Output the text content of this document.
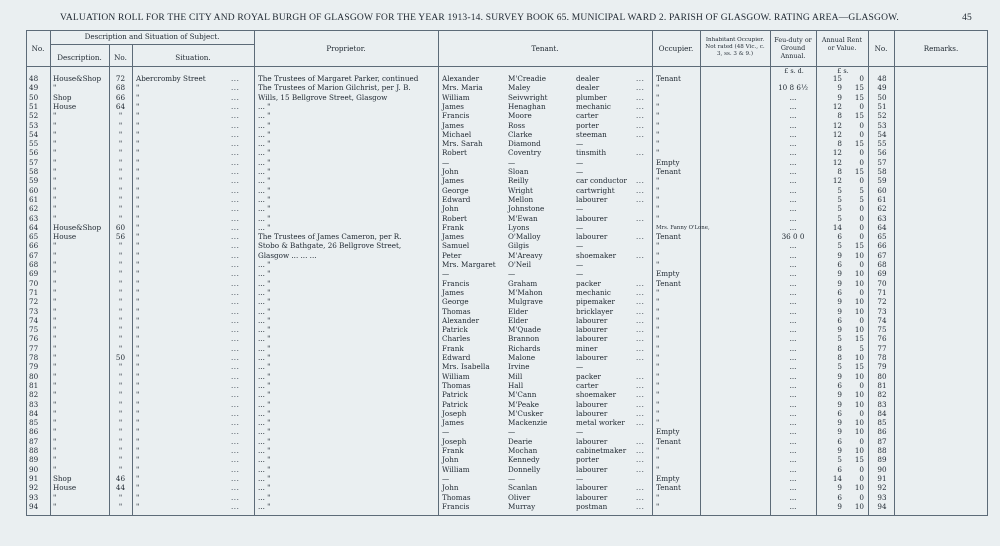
VALUATION ROLL FOR THE CITY AND ROYAL BURGH OF GLASGOW FOR THE YEAR 1913-14. SURVEY BOOK 65. MUNICIPAL WARD 2. PARISH OF GLASGOW. RATING AREA—GLASGOW.	45
No.
Description and Situation of Subject.
Description.	No.	Situation.
Proprietor.	Tenant.	Occupier.
Inhabitant Occupier. Not rated (48 Vic., c. 3, ss. 3 & 9.)
Feu-duty or Ground Annual.
Annual Rent or Value.	No.	Remarks.
£ s. d.	£ s.
48	House&Shop	72	Abercromby Street	...	The Trustees of Margaret Parker, continued	Alexander	M'Creadie	dealer	...	Tenant	15	0	48
49	"	68	"	...	The Trustees of Marion Gilchrist, per J. B.	Mrs. Maria	Maley	dealer	...	"	10 8 6½	9	15	49
50	Shop	66	"	...	Wills, 15 Bellgrove Street, Glasgow	William	Seivwright	plumber	...	"	...	9	15	50
51	House	64	"	...	... "	James	Henaghan	mechanic	...	"	...	12	0	51
52	"	"	"	...	... "	Francis	Moore	carter	...	"	...	8	15	52
53	"	"	"	...	... "	James	Ross	porter	...	"	...	12	0	53
54	"	"	"	...	... "	Michael	Clarke	steeman	...	"	...	12	0	54
55	"	"	"	...	... "	Mrs. Sarah	Diamond	—	"	...	8	15	55
56	"	"	"	...	... "	Robert	Coventry	tinsmith	...	"	...	12	0	56
57	"	"	"	...	... "	—	—	—	Empty	...	12	0	57
58	"	"	"	...	... "	John	Sloan	—	Tenant	...	8	15	58
59	"	"	"	...	... "	James	Reilly	car conductor	...	"	...	12	0	59
60	"	"	"	...	... "	George	Wright	cartwright	...	"	...	5	5	60
61	"	"	"	...	... "	Edward	Mellon	labourer	...	"	...	5	5	61
62	"	"	"	...	... "	John	Johnstone	—	"	...	5	0	62
63	"	"	"	...	... "	Robert	M'Ewan	labourer	...	"	...	5	0	63
64	House&Shop	60	"	...	... "	Frank	Lyons	—	Mrs. Fanny O'Lone,	...	14	0	64
65	House	56	"	...	The Trustees of James Cameron, per R.	James	O'Malloy	labourer	...	Tenant	36 0 0	6	0	65
66	"	"	"	...	Stobo & Bathgate, 26 Bellgrove Street,	Samuel	Gilgis	—	"	...	5	15	66
67	"	"	"	...	Glasgow ... ... ...	Peter	M'Areavy	shoemaker	...	"	...	9	10	67
68	"	"	"	...	... "	Mrs. Margaret	O'Neil	—	"	...	6	0	68
69	"	"	"	...	... "	—	—	—	Empty	...	9	10	69
70	"	"	"	...	... "	Francis	Graham	packer	...	Tenant	...	9	10	70
71	"	"	"	...	... "	James	M'Mahon	mechanic	...	"	...	6	0	71
72	"	"	"	...	... "	George	Mulgrave	pipemaker	...	"	...	9	10	72
73	"	"	"	...	... "	Thomas	Elder	bricklayer	...	"	...	9	10	73
74	"	"	"	...	... "	Alexander	Elder	labourer	...	"	...	6	0	74
75	"	"	"	...	... "	Patrick	M'Quade	labourer	...	"	...	9	10	75
76	"	"	"	...	... "	Charles	Brannon	labourer	...	"	...	5	15	76
77	"	"	"	...	... "	Frank	Richards	miner	...	"	...	8	5	77
78	"	50	"	...	... "	Edward	Malone	labourer	...	"	...	8	10	78
79	"	"	"	...	... "	Mrs. Isabella	Irvine	—	"	...	5	15	79
80	"	"	"	...	... "	William	Mill	packer	...	"	...	9	10	80
81	"	"	"	...	... "	Thomas	Hall	carter	...	"	...	6	0	81
82	"	"	"	...	... "	Patrick	M'Cann	shoemaker	...	"	...	9	10	82
83	"	"	"	...	... "	Patrick	M'Peake	labourer	...	"	...	9	10	83
84	"	"	"	...	... "	Joseph	M'Cusker	labourer	...	"	...	6	0	84
85	"	"	"	...	... "	James	Mackenzie	metal worker	...	"	...	9	10	85
86	"	"	"	...	... "	—	—	—	Empty	...	9	10	86
87	"	"	"	...	... "	Joseph	Dearie	labourer	...	Tenant	...	6	0	87
88	"	"	"	...	... "	Frank	Mochan	cabinetmaker	...	"	...	9	10	88
89	"	"	"	...	... "	John	Kennedy	porter	...	"	...	5	15	89
90	"	"	"	...	... "	William	Donnelly	labourer	...	"	...	6	0	90
91	Shop	46	"	...	... "	—	—	—	Empty	...	14	0	91
92	House	44	"	...	... "	John	Scanlan	labourer	...	Tenant	...	9	10	92
93	"	"	"	...	... "	Thomas	Oliver	labourer	...	"	...	6	0	93
94	"	"	"	...	... "	Francis	Murray	postman	...	"	...	9	10	94
